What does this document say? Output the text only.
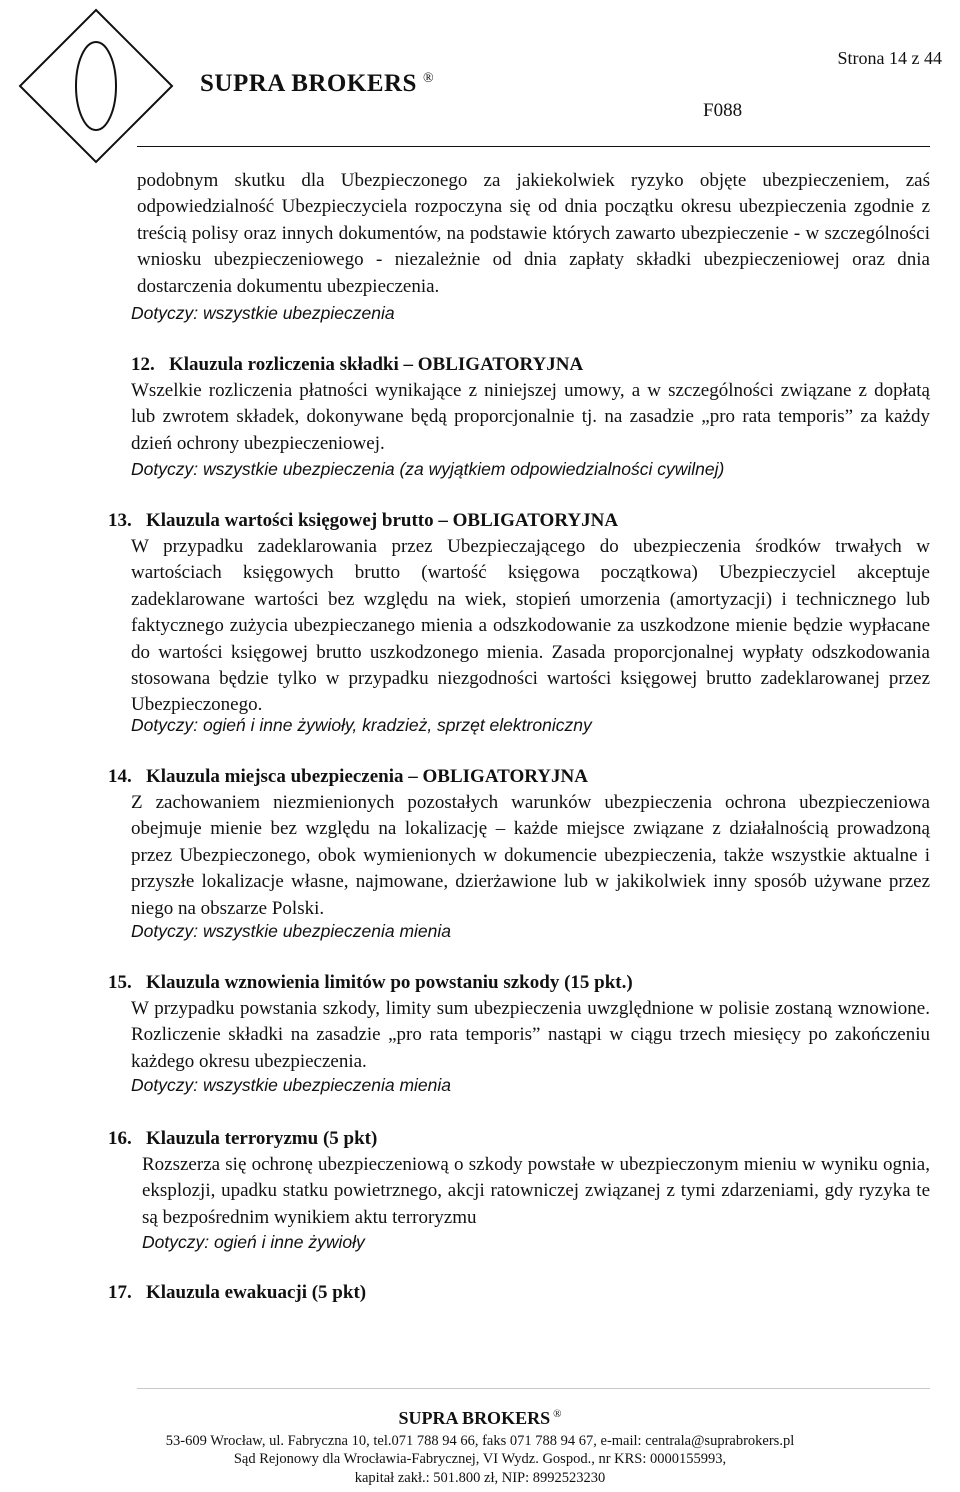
SUPRA BROKERS ®
Strona 14 z 44
F088
podobnym skutku dla Ubezpieczonego za jakiekolwiek ryzyko objęte ubezpieczeniem, zaś odpowiedzialność Ubezpieczyciela rozpoczyna się od dnia początku okresu ubezpieczenia zgodnie z treścią polisy oraz innych dokumentów, na podstawie których zawarto ubezpieczenie - w szczególności wniosku ubezpieczeniowego - niezależnie od dnia zapłaty składki ubezpieczeniowej oraz dnia dostarczenia dokumentu ubezpieczenia.
Dotyczy: wszystkie ubezpieczenia
12. Klauzula rozliczenia składki – OBLIGATORYJNA
Wszelkie rozliczenia płatności wynikające z niniejszej umowy, a w szczególności związane z dopłatą lub zwrotem składek, dokonywane będą proporcjonalnie tj. na zasadzie „pro rata temporis” za każdy dzień ochrony ubezpieczeniowej.
Dotyczy: wszystkie ubezpieczenia (za wyjątkiem odpowiedzialności cywilnej)
13. Klauzula wartości księgowej brutto – OBLIGATORYJNA
W przypadku zadeklarowania przez Ubezpieczającego do ubezpieczenia środków trwałych w wartościach księgowych brutto (wartość księgowa początkowa) Ubezpieczyciel akceptuje zadeklarowane wartości bez względu na wiek, stopień umorzenia (amortyzacji) i technicznego lub faktycznego zużycia ubezpieczanego mienia a odszkodowanie za uszkodzone mienie będzie wypłacane do wartości księgowej brutto uszkodzonego mienia. Zasada proporcjonalnej wypłaty odszkodowania stosowana będzie tylko w przypadku niezgodności wartości księgowej brutto zadeklarowanej przez Ubezpieczonego.
Dotyczy: ogień i inne żywioły, kradzież, sprzęt elektroniczny
14. Klauzula miejsca ubezpieczenia – OBLIGATORYJNA
Z zachowaniem niezmienionych pozostałych warunków ubezpieczenia ochrona ubezpieczeniowa obejmuje mienie bez względu na lokalizację – każde miejsce związane z działalnością prowadzoną przez Ubezpieczonego, obok wymienionych w dokumencie ubezpieczenia, także wszystkie aktualne i przyszłe lokalizacje własne, najmowane, dzierżawione lub w jakikolwiek inny sposób używane przez niego na obszarze Polski.
Dotyczy: wszystkie ubezpieczenia mienia
15. Klauzula wznowienia limitów po powstaniu szkody (15 pkt.)
W przypadku powstania szkody, limity sum ubezpieczenia uwzględnione w polisie zostaną wznowione. Rozliczenie składki na zasadzie „pro rata temporis” nastąpi w ciągu trzech miesięcy po zakończeniu każdego okresu ubezpieczenia.
Dotyczy: wszystkie ubezpieczenia mienia
16. Klauzula terroryzmu (5 pkt)
Rozszerza się ochronę ubezpieczeniową o szkody powstałe w ubezpieczonym mieniu w wyniku ognia, eksplozji, upadku statku powietrznego, akcji ratowniczej związanej z tymi zdarzeniami, gdy ryzyka te są bezpośrednim wynikiem aktu terroryzmu
Dotyczy: ogień i inne żywioły
17. Klauzula ewakuacji (5 pkt)
SUPRA BROKERS ®
53-609 Wrocław, ul. Fabryczna 10, tel.071 788 94 66, faks 071 788 94 67, e-mail: centrala@suprabrokers.pl
Sąd Rejonowy dla Wrocławia-Fabrycznej, VI Wydz. Gospod., nr KRS: 0000155993,
kapitał zakł.: 501.800 zł, NIP: 8992523230
